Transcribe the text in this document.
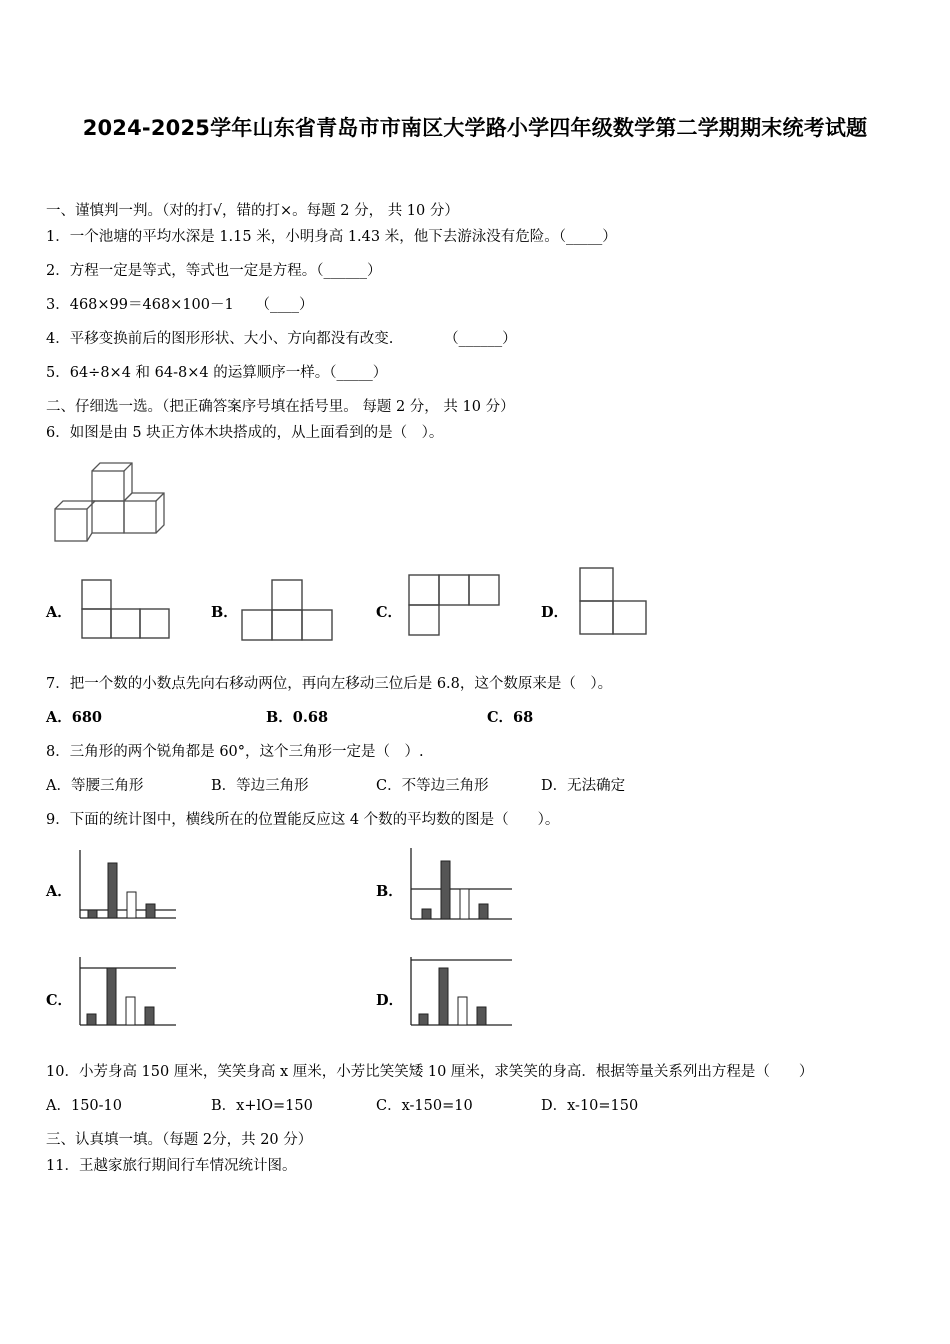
2024-2025学年山东省青岛市市南区大学路小学四年级数学第二学期期末统考试题
一、谨慎判一判。（对的打√，错的打×。每题 2 分， 共 10 分）
1．一个池塘的平均水深是 1.15 米，小明身高 1.43 米，他下去游泳没有危险。（_____）
2．方程一定是等式，等式也一定是方程。（______）
3．468×99＝468×100－1　　（____）
4．平移变换前后的图形形状、大小、方向都没有改变.　　　　（______）
5．64÷8×4 和 64-8×4 的运算顺序一样。（_____）
二、仔细选一选。（把正确答案序号填在括号里。 每题 2 分， 共 10 分）
6．如图是由 5 块正方体木块搭成的，从上面看到的是（　）。
A．	B．	C．	D．
7．把一个数的小数点先向右移动两位，再向左移动三位后是 6.8，这个数原来是（　）。
A．680	B．0.68	C．68
8．三角形的两个锐角都是 60°，这个三角形一定是（　）.
A．等腰三角形	B．等边三角形	C．不等边三角形	D．无法确定
9．下面的统计图中，横线所在的位置能反应这 4 个数的平均数的图是（　　）。
A．	B．
C．	D．
10．小芳身高 150 厘米，笑笑身高 x 厘米，小芳比笑笑矮 10 厘米，求笑笑的身高．根据等量关系列出方程是（　　）
A．150-10	B．x+lO=150	C．x-150=10	D．x-10=150
三、认真填一填。（每题 2分，共 20 分）
11．王越家旅行期间行车情况统计图。
